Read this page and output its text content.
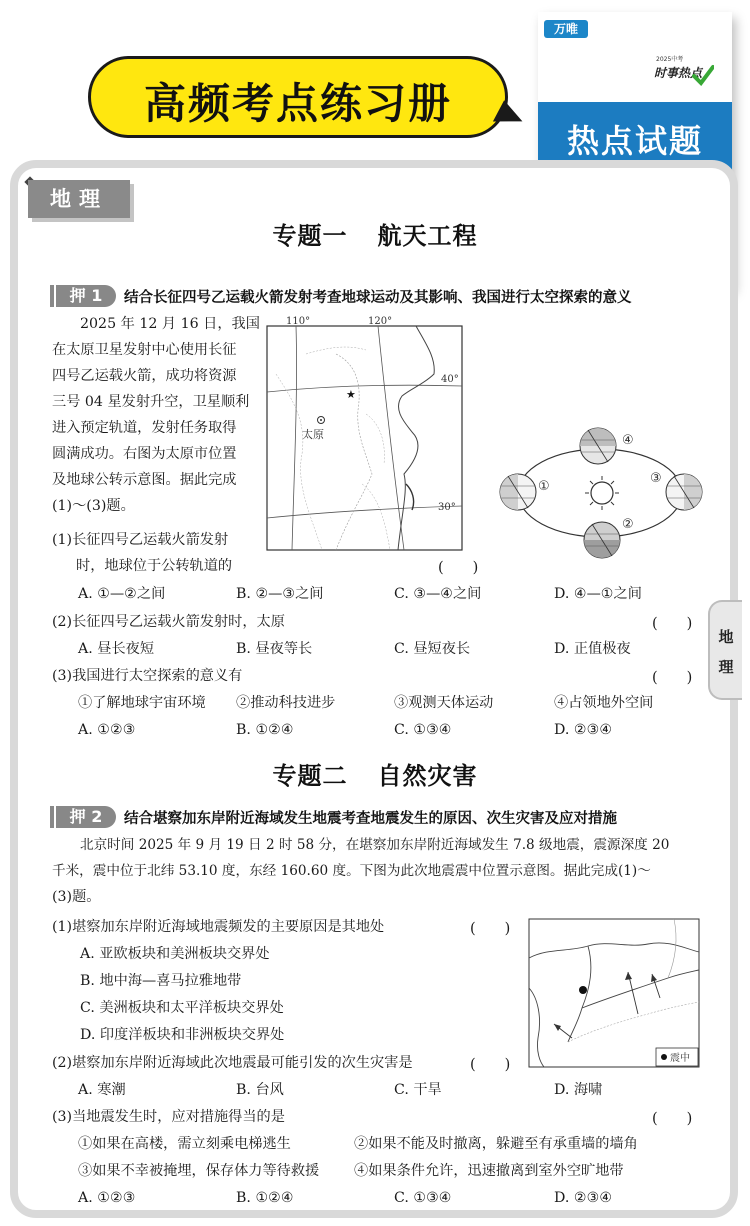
高频考点练习册
万唯
2025中考
时事热点
热点试题
地理
地
理
专题一 航天工程
押 1	结合长征四号乙运载火箭发射考查地球运动及其影响、我国进行太空探索的意义
2025 年 12 月 16 日，我国
在太原卫星发射中心使用长征
四号乙运载火箭，成功将资源
三号 04 星发射升空，卫星顺利
进入预定轨道，发射任务取得
圆满成功。右图为太原市位置
及地球公转示意图。据此完成
(1)～(3)题。
110°	120°
40°
30°
太原
★
①
②
③
④
(1)长征四号乙运载火箭发射
时，地球位于公转轨道的	(　　)
A. ①—②之间	B. ②—③之间	C. ③—④之间	D. ④—①之间
(2)长征四号乙运载火箭发射时，太原	(　　)
A. 昼长夜短	B. 昼夜等长	C. 昼短夜长	D. 正值极夜
(3)我国进行太空探索的意义有	(　　)
①了解地球宇宙环境 ②推动科技进步	③观测天体运动	④占领地外空间
A. ①②③	B. ①②④	C. ①③④	D. ②③④
专题二 自然灾害
押 2	结合堪察加东岸附近海域发生地震考查地震发生的原因、次生灾害及应对措施
北京时间 2025 年 9 月 19 日 2 时 58 分，在堪察加东岸附近海域发生 7.8 级地震，震源深度 20
千米，震中位于北纬 53.10 度，东经 160.60 度。下图为此次地震震中位置示意图。据此完成(1)～
(3)题。
震中
(1)堪察加东岸附近海域地震频发的主要原因是其地处	(　　)
A. 亚欧板块和美洲板块交界处
B. 地中海—喜马拉雅地带
C. 美洲板块和太平洋板块交界处
D. 印度洋板块和非洲板块交界处
(2)堪察加东岸附近海域此次地震最可能引发的次生灾害是	(　　)
A. 寒潮	B. 台风	C. 干旱	D. 海啸
(3)当地震发生时，应对措施得当的是	(　　)
①如果在高楼，需立刻乘电梯逃生	②如果不能及时撤离，躲避至有承重墙的墙角
③如果不幸被掩埋，保存体力等待救援 ④如果条件允许，迅速撤离到室外空旷地带
A. ①②③	B. ①②④	C. ①③④	D. ②③④
